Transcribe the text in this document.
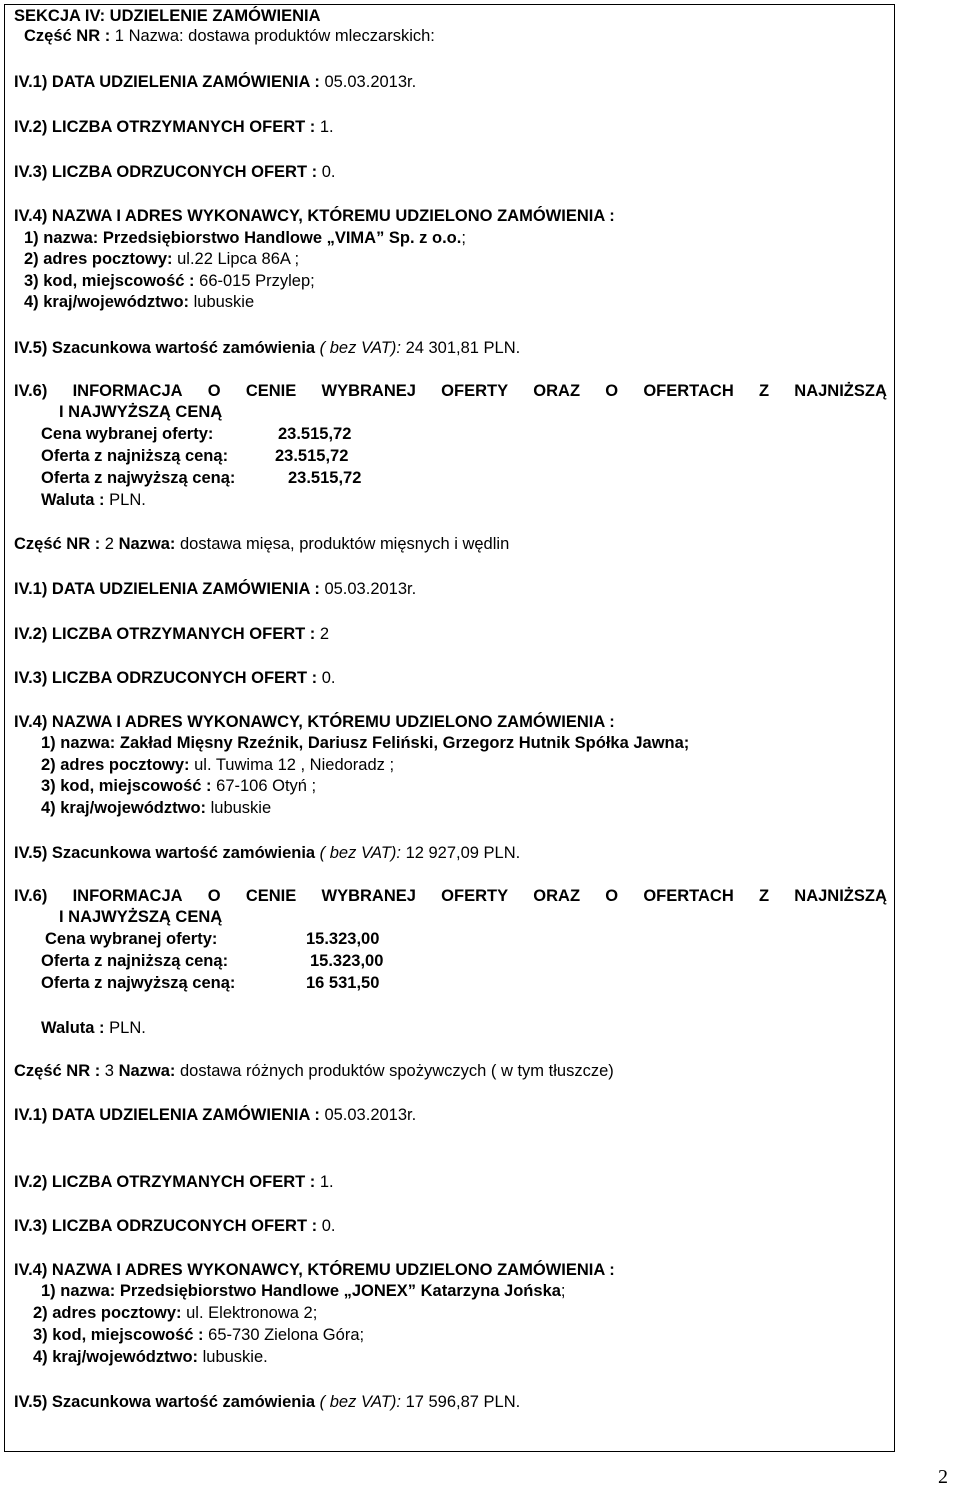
SEKCJA IV: UDZIELENIE ZAMÓWIENIA
Część NR : 1 Nazwa: dostawa produktów mleczarskich:
IV.1) DATA UDZIELENIA ZAMÓWIENIA : 05.03.2013r.
IV.2) LICZBA OTRZYMANYCH OFERT : 1.
IV.3) LICZBA ODRZUCONYCH OFERT : 0.
IV.4) NAZWA I ADRES WYKONAWCY, KTÓREMU UDZIELONO ZAMÓWIENIA :
1) nazwa: Przedsiębiorstwo Handlowe „VIMA” Sp. z o.o.;
2) adres pocztowy: ul.22 Lipca 86A ;
3) kod, miejscowość : 66-015 Przylep;
4) kraj/województwo: lubuskie
IV.5) Szacunkowa wartość zamówienia ( bez VAT): 24 301,81 PLN.
IV.6) INFORMACJA O CENIE WYBRANEJ OFERTY ORAZ O OFERTACH Z NAJNIŻSZĄ
I NAJWYŻSZĄ CENĄ
Cena wybranej oferty:	23.515,72
Oferta z najniższą ceną:	23.515,72
Oferta z najwyższą ceną:	23.515,72
Waluta : PLN.
Część NR : 2 Nazwa: dostawa mięsa, produktów mięsnych i wędlin
IV.1) DATA UDZIELENIA ZAMÓWIENIA : 05.03.2013r.
IV.2) LICZBA OTRZYMANYCH OFERT : 2
IV.3) LICZBA ODRZUCONYCH OFERT : 0.
IV.4) NAZWA I ADRES WYKONAWCY, KTÓREMU UDZIELONO ZAMÓWIENIA :
1) nazwa: Zakład Mięsny Rzeźnik, Dariusz Feliński, Grzegorz Hutnik Spółka Jawna;
2) adres pocztowy: ul. Tuwima 12 , Niedoradz ;
3) kod, miejscowość : 67-106 Otyń ;
4) kraj/województwo: lubuskie
IV.5) Szacunkowa wartość zamówienia ( bez VAT): 12 927,09 PLN.
IV.6) INFORMACJA O CENIE WYBRANEJ OFERTY ORAZ O OFERTACH Z NAJNIŻSZĄ
I NAJWYŻSZĄ CENĄ
Cena wybranej oferty:	15.323,00
Oferta z najniższą ceną:	15.323,00
Oferta z najwyższą ceną:	16 531,50
Waluta : PLN.
Część NR : 3 Nazwa: dostawa różnych produktów spożywczych ( w tym tłuszcze)
IV.1) DATA UDZIELENIA ZAMÓWIENIA : 05.03.2013r.
IV.2) LICZBA OTRZYMANYCH OFERT : 1.
IV.3) LICZBA ODRZUCONYCH OFERT : 0.
IV.4) NAZWA I ADRES WYKONAWCY, KTÓREMU UDZIELONO ZAMÓWIENIA :
1) nazwa: Przedsiębiorstwo Handlowe „JONEX” Katarzyna Jońska;
2) adres pocztowy: ul. Elektronowa 2;
3) kod, miejscowość : 65-730 Zielona Góra;
4) kraj/województwo: lubuskie.
IV.5) Szacunkowa wartość zamówienia ( bez VAT): 17 596,87 PLN.
2
